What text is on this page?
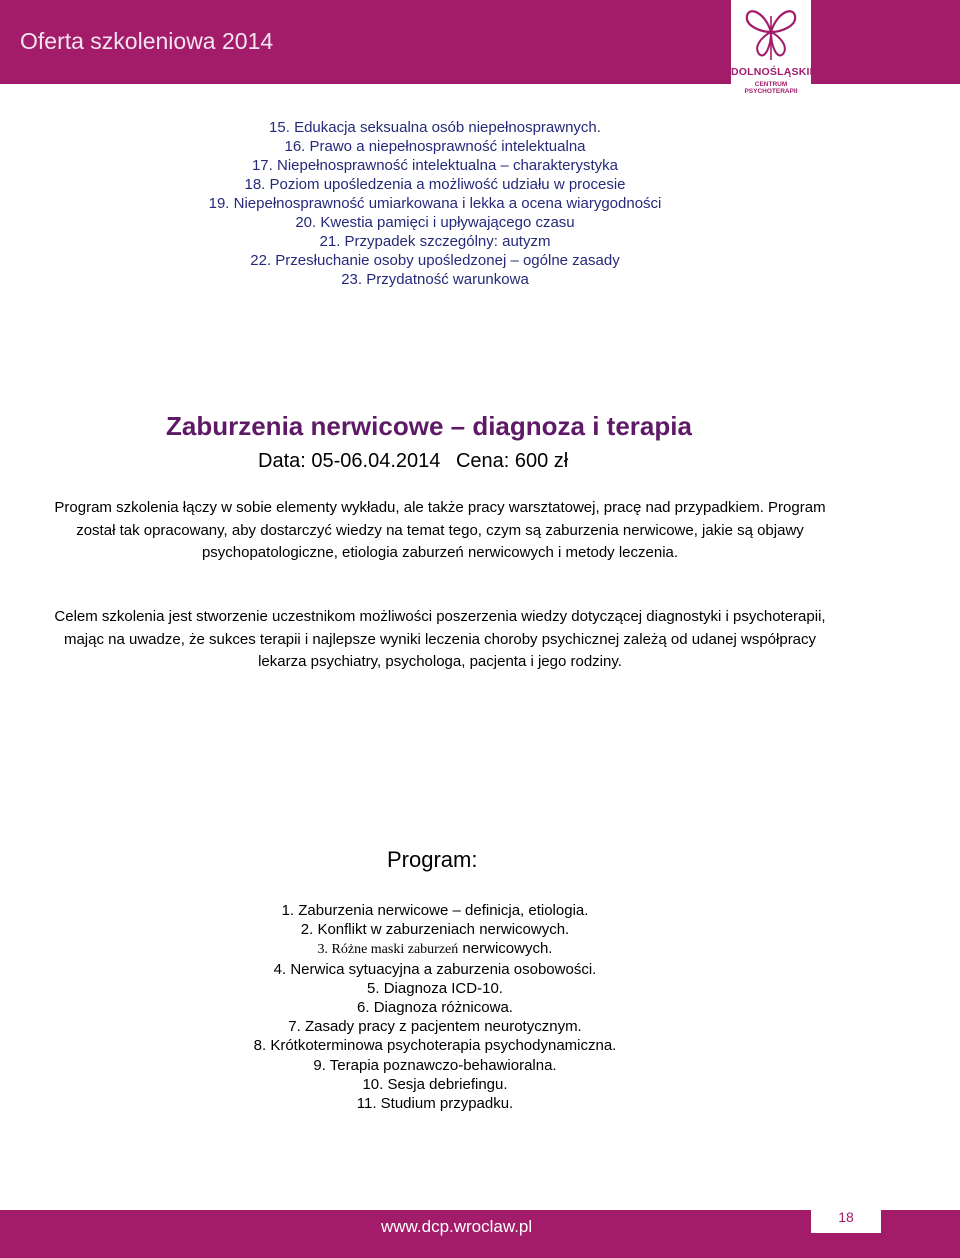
Oferta szkoleniowa 2014
DOLNOŚLĄSKIE
CENTRUM PSYCHOTERAPII
15. Edukacja seksualna osób niepełnosprawnych.
16. Prawo a niepełnosprawność intelektualna
17. Niepełnosprawność intelektualna – charakterystyka
18. Poziom upośledzenia a możliwość udziału w procesie
19. Niepełnosprawność umiarkowana i lekka a ocena wiarygodności
20. Kwestia pamięci i upływającego czasu
21. Przypadek szczególny: autyzm
22. Przesłuchanie osoby upośledzonej – ogólne zasady
23. Przydatność warunkowa
Zaburzenia nerwicowe – diagnoza i terapia
Data: 05-06.04.2014 Cena: 600 zł
Program szkolenia łączy w sobie elementy wykładu, ale także pracy warsztatowej, pracę nad przypadkiem. Program został tak opracowany, aby dostarczyć wiedzy na temat tego, czym są zaburzenia nerwicowe, jakie są objawy psychopatologiczne, etiologia zaburzeń nerwicowych i metody leczenia.
Celem szkolenia jest stworzenie uczestnikom możliwości poszerzenia wiedzy dotyczącej diagnostyki i psychoterapii, mając na uwadze, że sukces terapii i najlepsze wyniki leczenia choroby psychicznej zależą od udanej współpracy lekarza psychiatry, psychologa, pacjenta i jego rodziny.
Program:
1. Zaburzenia nerwicowe – definicja, etiologia.
2. Konflikt w zaburzeniach nerwicowych.
3. Różne maski zaburzeń nerwicowych.
4. Nerwica sytuacyjna a zaburzenia osobowości.
5. Diagnoza ICD-10.
6. Diagnoza różnicowa.
7. Zasady pracy z pacjentem neurotycznym.
8. Krótkoterminowa psychoterapia psychodynamiczna.
9. Terapia poznawczo-behawioralna.
10. Sesja debriefingu.
11. Studium przypadku.
www.dcp.wroclaw.pl	18
